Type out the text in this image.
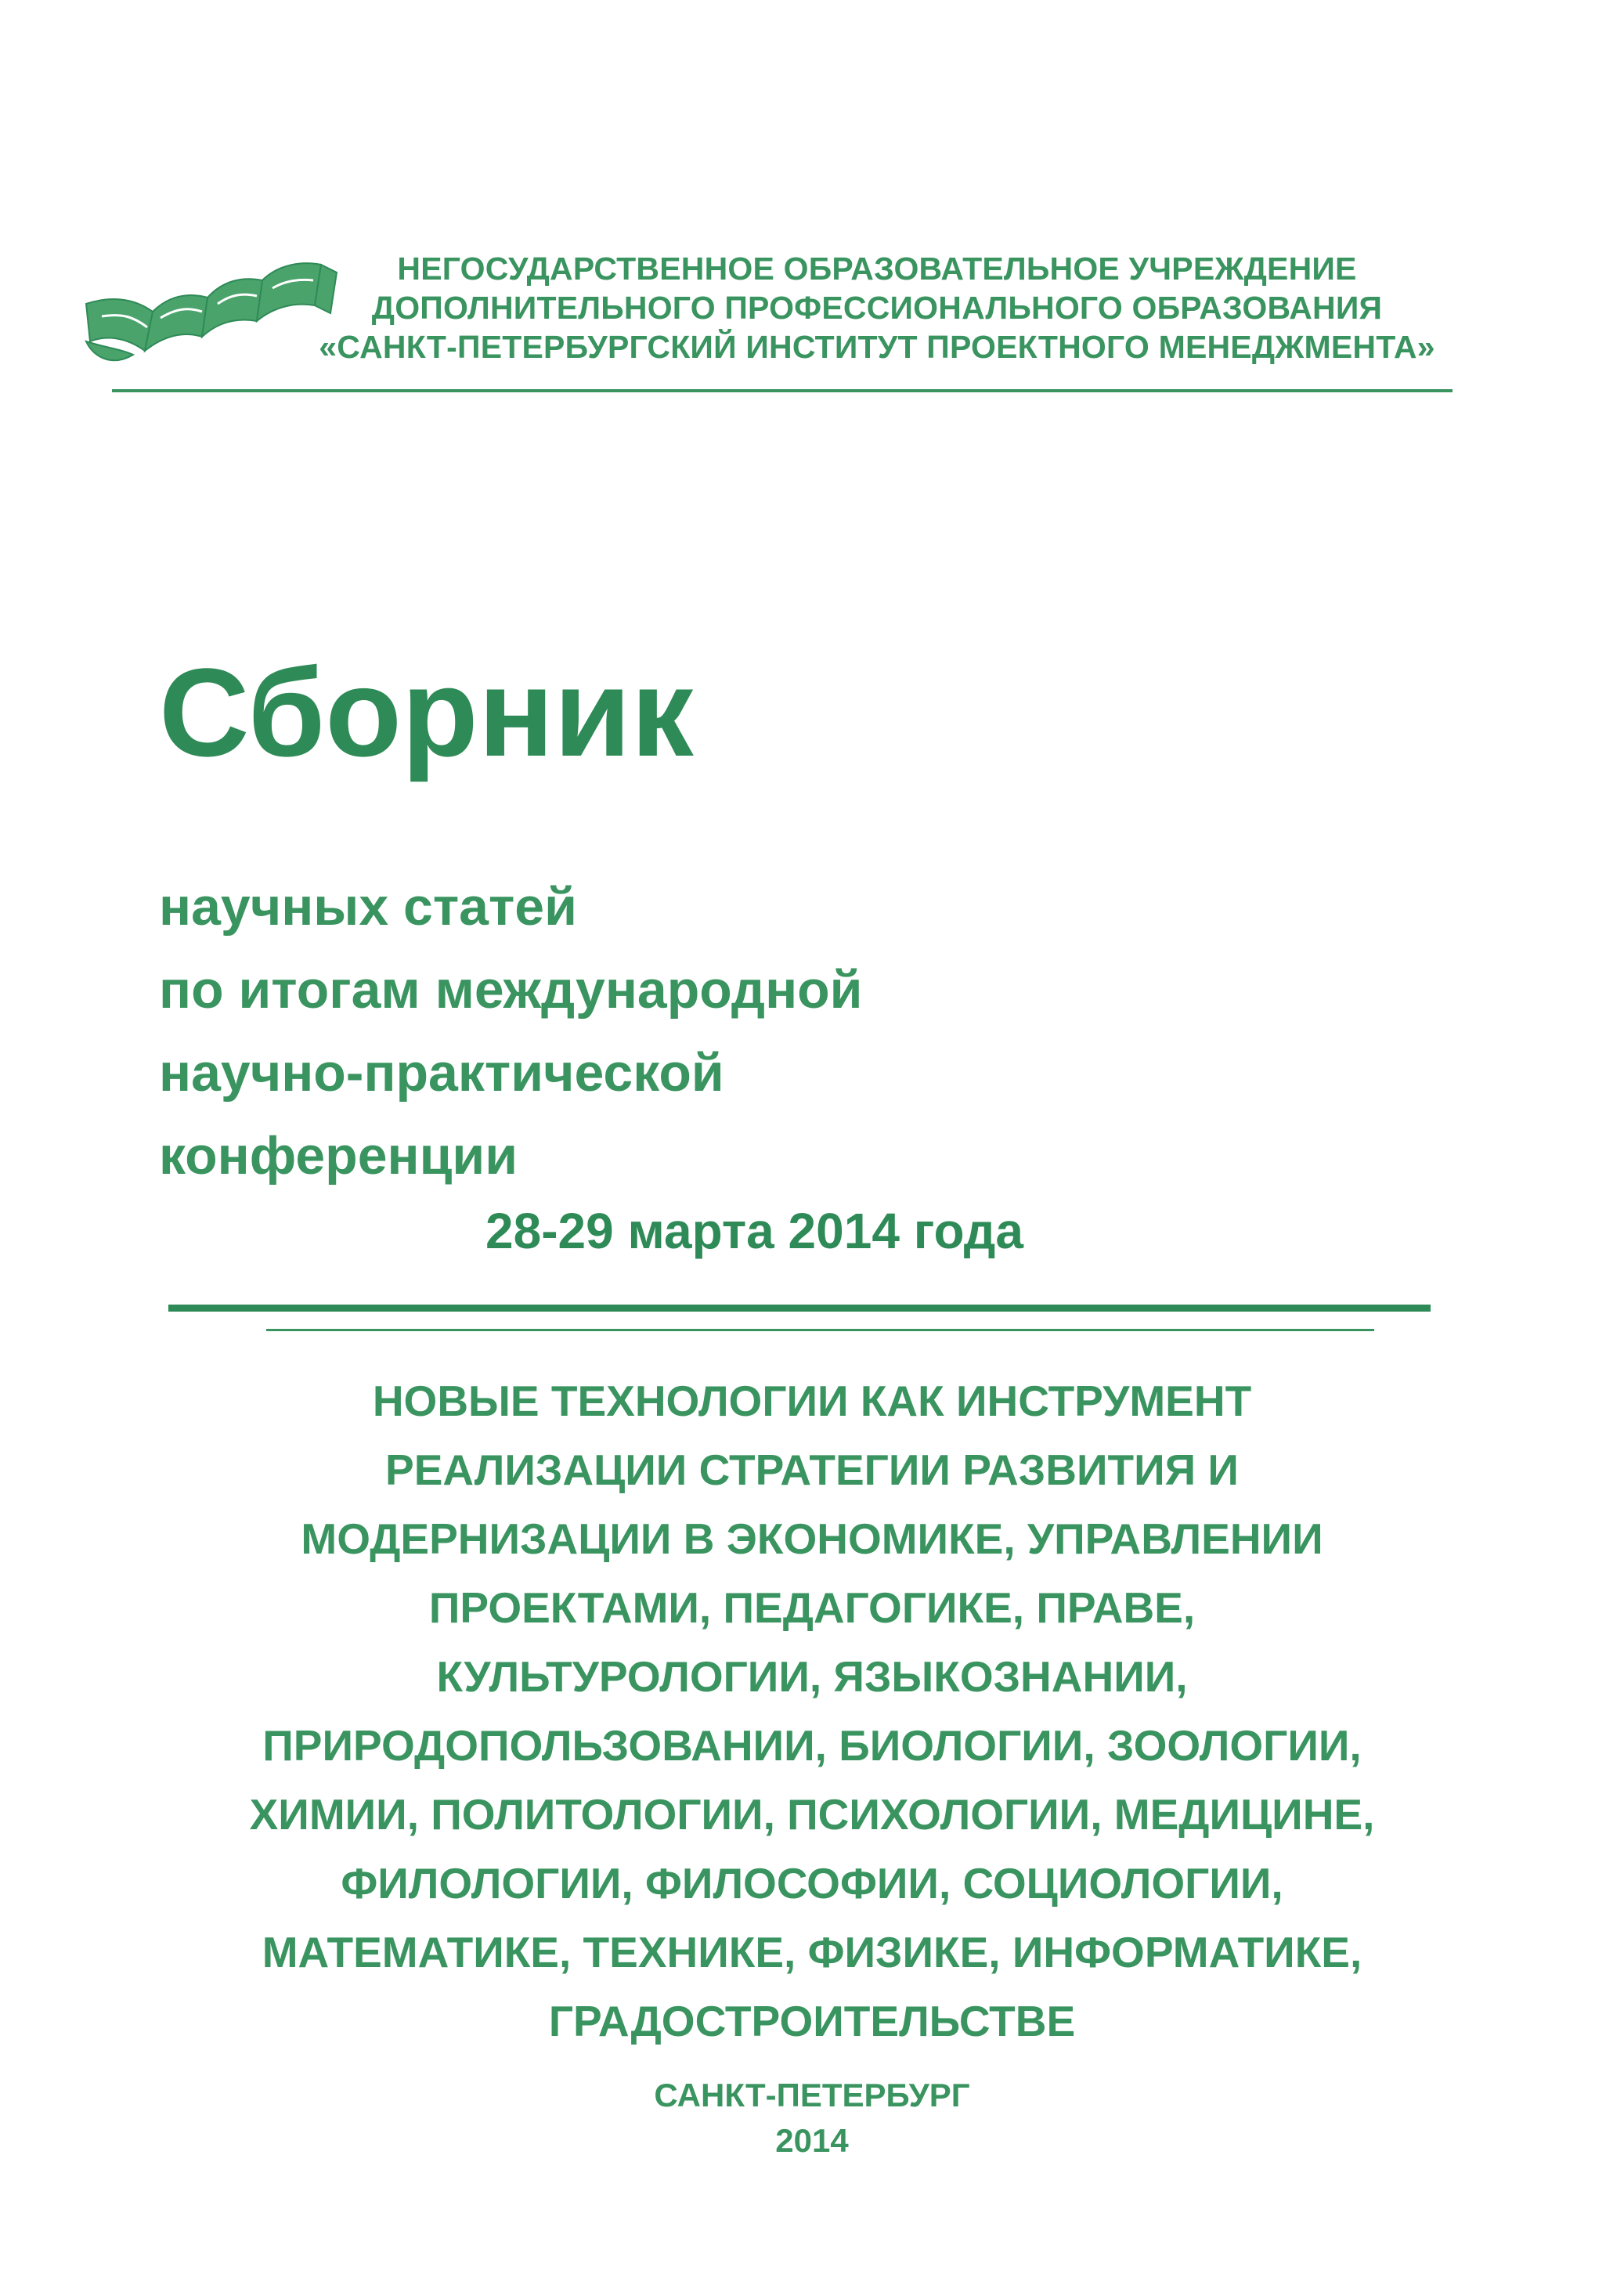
НЕГОСУДАРСТВЕННОЕ ОБРАЗОВАТЕЛЬНОЕ УЧРЕЖДЕНИЕ
ДОПОЛНИТЕЛЬНОГО ПРОФЕССИОНАЛЬНОГО ОБРАЗОВАНИЯ
«САНКТ-ПЕТЕРБУРГСКИЙ ИНСТИТУТ ПРОЕКТНОГО МЕНЕДЖМЕНТА»
Сборник
научных статей
по итогам международной
научно-практической
конференции
28-29 марта 2014 года
НОВЫЕ ТЕХНОЛОГИИ КАК ИНСТРУМЕНТ
РЕАЛИЗАЦИИ СТРАТЕГИИ РАЗВИТИЯ И
МОДЕРНИЗАЦИИ В ЭКОНОМИКЕ, УПРАВЛЕНИИ
ПРОЕКТАМИ, ПЕДАГОГИКЕ, ПРАВЕ,
КУЛЬТУРОЛОГИИ, ЯЗЫКОЗНАНИИ,
ПРИРОДОПОЛЬЗОВАНИИ, БИОЛОГИИ, ЗООЛОГИИ,
ХИМИИ, ПОЛИТОЛОГИИ, ПСИХОЛОГИИ, МЕДИЦИНЕ,
ФИЛОЛОГИИ, ФИЛОСОФИИ, СОЦИОЛОГИИ,
МАТЕМАТИКЕ, ТЕХНИКЕ, ФИЗИКЕ, ИНФОРМАТИКЕ,
ГРАДОСТРОИТЕЛЬСТВЕ
САНКТ-ПЕТЕРБУРГ
2014
